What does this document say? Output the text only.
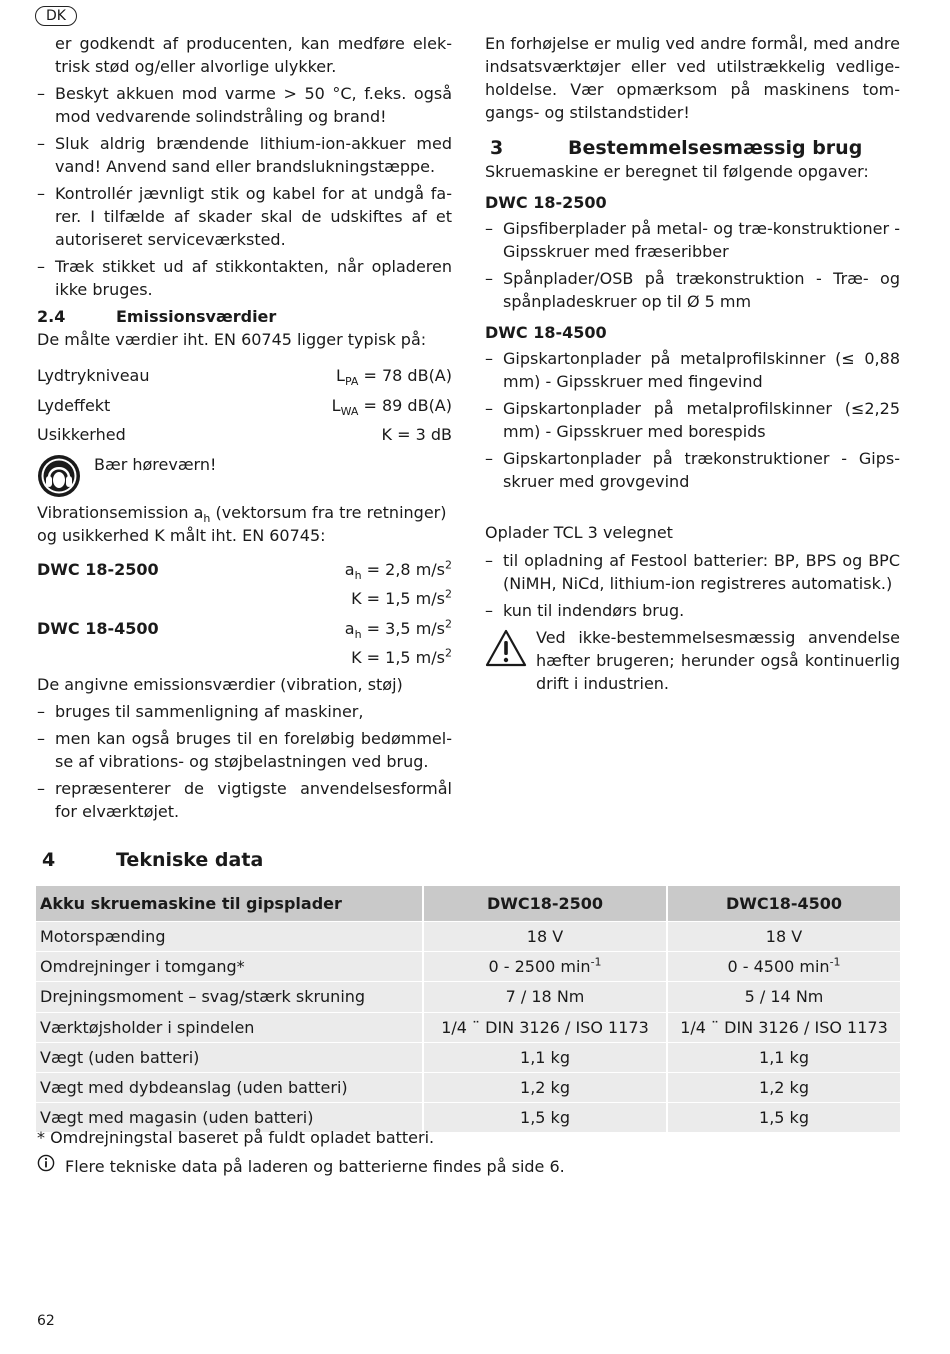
DK

er godkendt af producenten, kan medføre elektrisk stød og/eller alvorlige ulykker.

– Beskyt akkuen mod varme > 50 °C, f.eks. også mod vedvarende solindstråling og brand!
– Sluk aldrig brændende lithium-ion-akkuer med vand! Anvend sand eller brandslukningstæppe.
– Kontrollér jævnligt stik og kabel for at undgå farer. I tilfælde af skader skal de udskiftes af et autoriseret serviceværksted.
– Træk stikket ud af stikkontakten, når opladeren ikke bruges.
2.4	Emissionsværdier

De målte værdier iht. EN 60745 ligger typisk på:

Lydtrykniveau	$L_{PA} = 78$ dB(A)
Lydeffekt	$L_{WA} = 89$ dB(A)
Usikkerhed	K = 3 dB
Bær høreværn!

Vibrationsemission $a_h$ (vektorsum fra tre retninger) og usikkerhed K målt iht. EN 60745:

DWC 18-2500	$a_h = 2,8$ $m/s^2$
K = 1,5 $m/s^2$
DWC 18-4500	$a_h = 3,5$ $m/s^2$
K = 1,5 $m/s^2$

De angivne emissionsværdier (vibration, støj)

– bruges til sammenligning af maskiner,
– men kan også bruges til en foreløbig bedømmelse af vibrations- og støjbelastningen ved brug.
– repræsenterer de vigtigste anvendelsesformål for elværktøjet.

En forhøjelse er mulig ved andre formål, med andre indsatsværktøjer eller ved utilstrækkelig vedligeholdelse. Vær opmærksom på maskinens tomgangs- og stilstandstider!

3	Bestemmelsesmæssig brug

Skruemaskine er beregnet til følgende opgaver:

DWC 18-2500
– Gipsfiberplader på metal- og træ-konstruktioner - Gipsskruer med fræseribber
– Spånplader/OSB på trækonstruktion - Træ- og spånpladeskruer op til Ø 5 mm
DWC 18-4500
– Gipskartonplader på metalprofilskinner (≤ 0,88 mm) - Gipsskruer med fingevind
– Gipskartonplader på metalprofilskinner (≤2,25 mm) - Gipsskruer med borespids
– Gipskartonplader på trækonstruktioner - Gipsskruer med grovgevind

Oplader TCL 3 velegnet

– til opladning af Festool batterier: BP, BPS og BPC (NiMH, NiCd, lithium-ion registreres automatisk.)
– kun til indendørs brug.
Ved ikke-bestemmelsesmæssig anvendelse hæfter brugeren; herunder også kontinuerlig drift i industrien.
4	Tekniske data
Akku skruemaskine til gipsplader	DWC18-2500	DWC18-4500
Motorspænding	18 V	18 V
Omdrejninger i tomgang*	0 - 2500 $\min^{-1}$	0 - 4500 $\min^{-1}$
Drejningsmoment – svag/stærk skruning	7 / 18 Nm	5 / 14 Nm
Værktøjsholder i spindelen	1/4 ¨ DIN 3126 / ISO 1173	1/4 ¨ DIN 3126 / ISO 1173
Vægt (uden batteri)	1,1 kg	1,1 kg
Vægt med dybdeanslag (uden batteri)	1,2 kg	1,2 kg
Vægt med magasin (uden batteri)	1,5 kg	1,5 kg

* Omdrejningstal baseret på fuldt opladet batteri.

Flere tekniske data på laderen og batterierne findes på side 6.
62
